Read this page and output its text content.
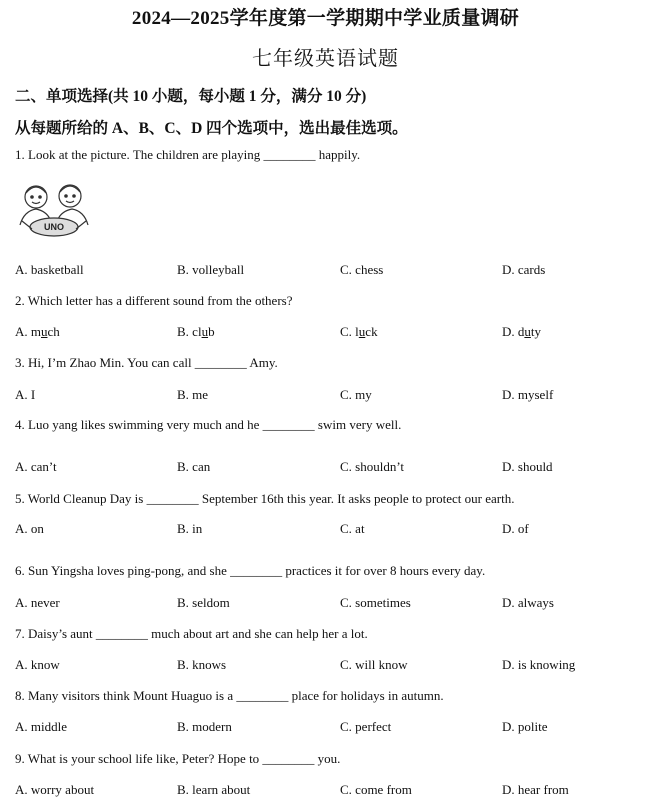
2024—2025学年度第一学期期中学业质量调研
七年级英语试题
二、单项选择(共 10 小题，每小题 1 分，满分 10 分)
从每题所给的 A、B、C、D 四个选项中，选出最佳选项。
1. Look at the picture. The children are playing ________ happily.
UNO
A. basketball	B. volleyball	C. chess	D. cards
2. Which letter has a different sound from the others?
A. much	B. club	C. luck	D. duty
3. Hi, I’m Zhao Min. You can call ________ Amy.
A. I	B. me	C. my	D. myself
4. Luo yang likes swimming very much and he ________ swim very well.
A. can’t	B. can	C. shouldn’t	D. should
5. World Cleanup Day is ________ September 16th this year. It asks people to protect our earth.
A. on	B. in	C. at	D. of
6. Sun Yingsha loves ping-pong, and she ________ practices it for over 8 hours every day.
A. never	B. seldom	C. sometimes	D. always
7. Daisy’s aunt ________ much about art and she can help her a lot.
A. know	B. knows	C. will know	D. is knowing
8. Many visitors think Mount Huaguo is a ________ place for holidays in autumn.
A. middle	B. modern	C. perfect	D. polite
9. What is your school life like, Peter? Hope to ________ you.
A. worry about	B. learn about	C. come from	D. hear from
